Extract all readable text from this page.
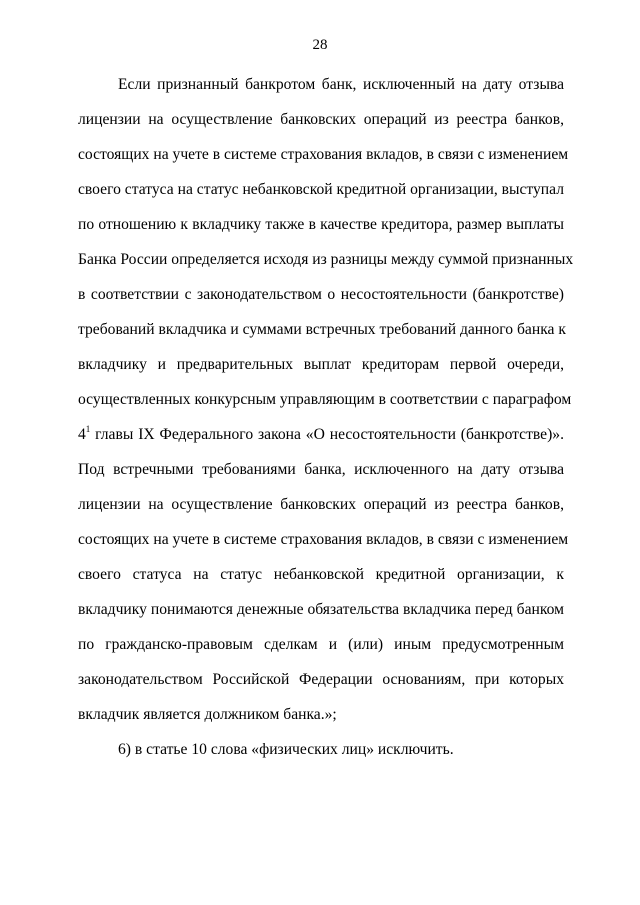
28
Если признанный банкротом банк, исключенный на дату отзыва
лицензии на осуществление банковских операций из реестра банков,
состоящих на учете в системе страхования вкладов, в связи с изменением
своего статуса на статус небанковской кредитной организации, выступал
по отношению к вкладчику также в качестве кредитора, размер выплаты
Банка России определяется исходя из разницы между суммой признанных
в соответствии с законодательством о несостоятельности (банкротстве)
требований вкладчика и суммами встречных требований данного банка к
вкладчику и предварительных выплат кредиторам первой очереди,
осуществленных конкурсным управляющим в соответствии с параграфом
$4^1$ главы IX Федерального закона «О несостоятельности (банкротстве)».
Под встречными требованиями банка, исключенного на дату отзыва
лицензии на осуществление банковских операций из реестра банков,
состоящих на учете в системе страхования вкладов, в связи с изменением
своего статуса на статус небанковской кредитной организации, к
вкладчику понимаются денежные обязательства вкладчика перед банком
по гражданско-правовым сделкам и (или) иным предусмотренным
законодательством Российской Федерации основаниям, при которых
вкладчик является должником банка.»;
6) в статье 10 слова «физических лиц» исключить.
